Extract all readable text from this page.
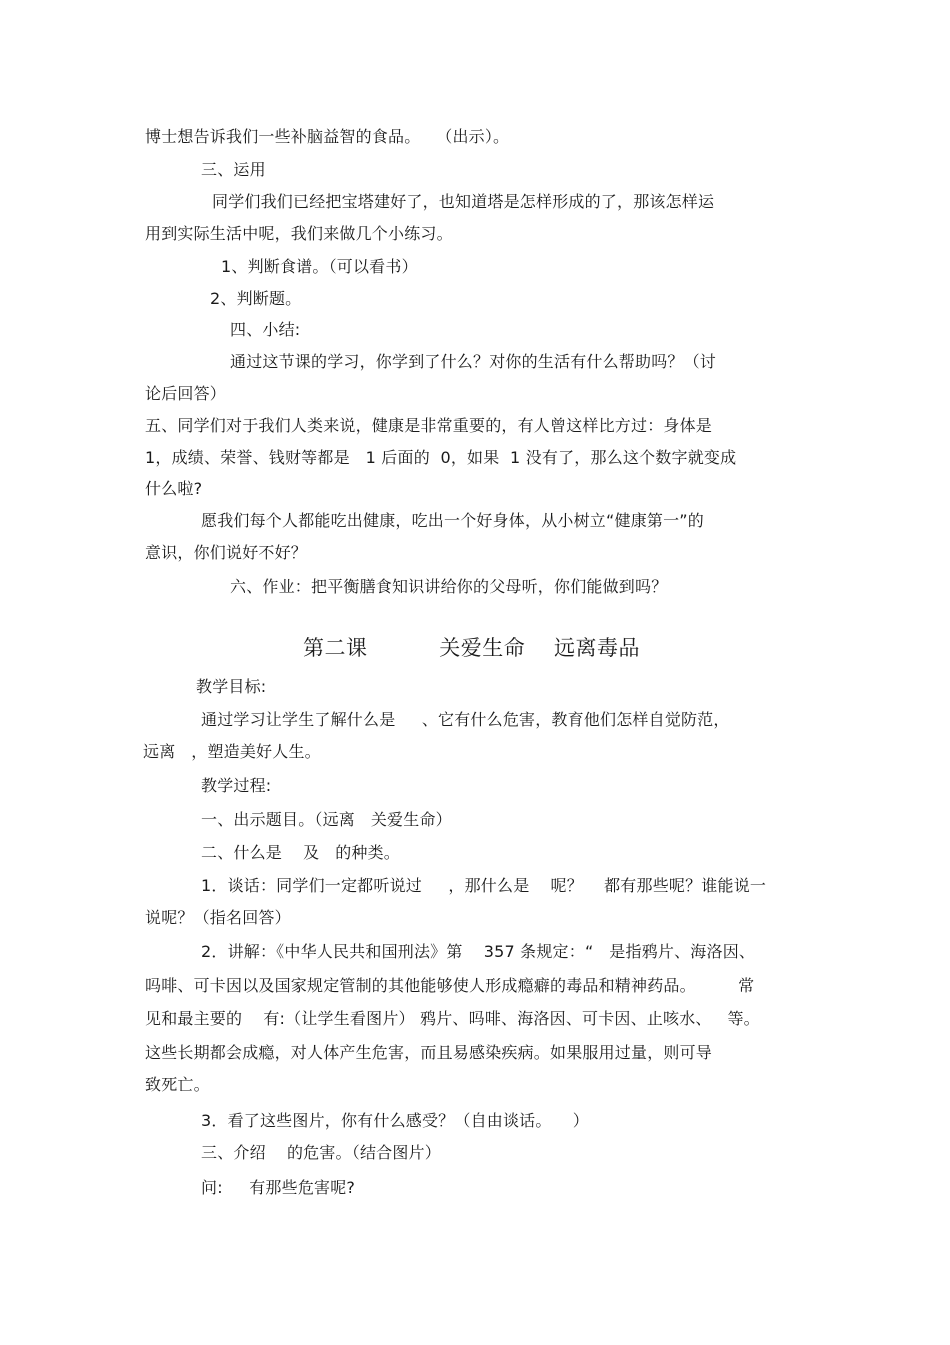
博士想告诉我们一些补脑益智的食品。   （出示）。
三、运用
同学们我们已经把宝塔建好了，也知道塔是怎样形成的了，那该怎样运
用到实际生活中呢，我们来做几个小练习。
1、判断食谱。（可以看书）
2、判断题。
四、小结:
通过这节课的学习，你学到了什么？对你的生活有什么帮助吗？（讨
论后回答）
五、同学们对于我们人类来说，健康是非常重要的，有人曾这样比方过：身体是
1，成绩、荣誉、钱财等都是   1 后面的  0，如果  1 没有了，那么这个数字就变成
什么啦?
愿我们每个人都能吃出健康，吃出一个好身体，从小树立“健康第一”的
意识，你们说好不好？
六、作业：把平衡膳食知识讲给你的父母听，你们能做到吗？
第二课          关爱生命    远离毒品
教学目标:
通过学习让学生了解什么是     、它有什么危害，教育他们怎样自觉防范，
远离   ，塑造美好人生。
教学过程:
一、出示题目。（远离   关爱生命）
二、什么是    及   的种类。
1．谈话：同学们一定都听说过     ，那什么是    呢？    都有那些呢？谁能说一
说呢？（指名回答）
2．讲解：《中华人民共和国刑法》第    357 条规定：“   是指鸦片、海洛因、
吗啡、可卡因以及国家规定管制的其他能够使人形成瘾癖的毒品和精神药品。        常
见和最主要的    有:（让学生看图片） 鸦片、吗啡、海洛因、可卡因、止咳水、   等。
这些长期都会成瘾，对人体产生危害，而且易感染疾病。如果服用过量，则可导
致死亡。
3．看了这些图片，你有什么感受？（自由谈话。    ）
三、介绍    的危害。（结合图片）
问:     有那些危害呢?
